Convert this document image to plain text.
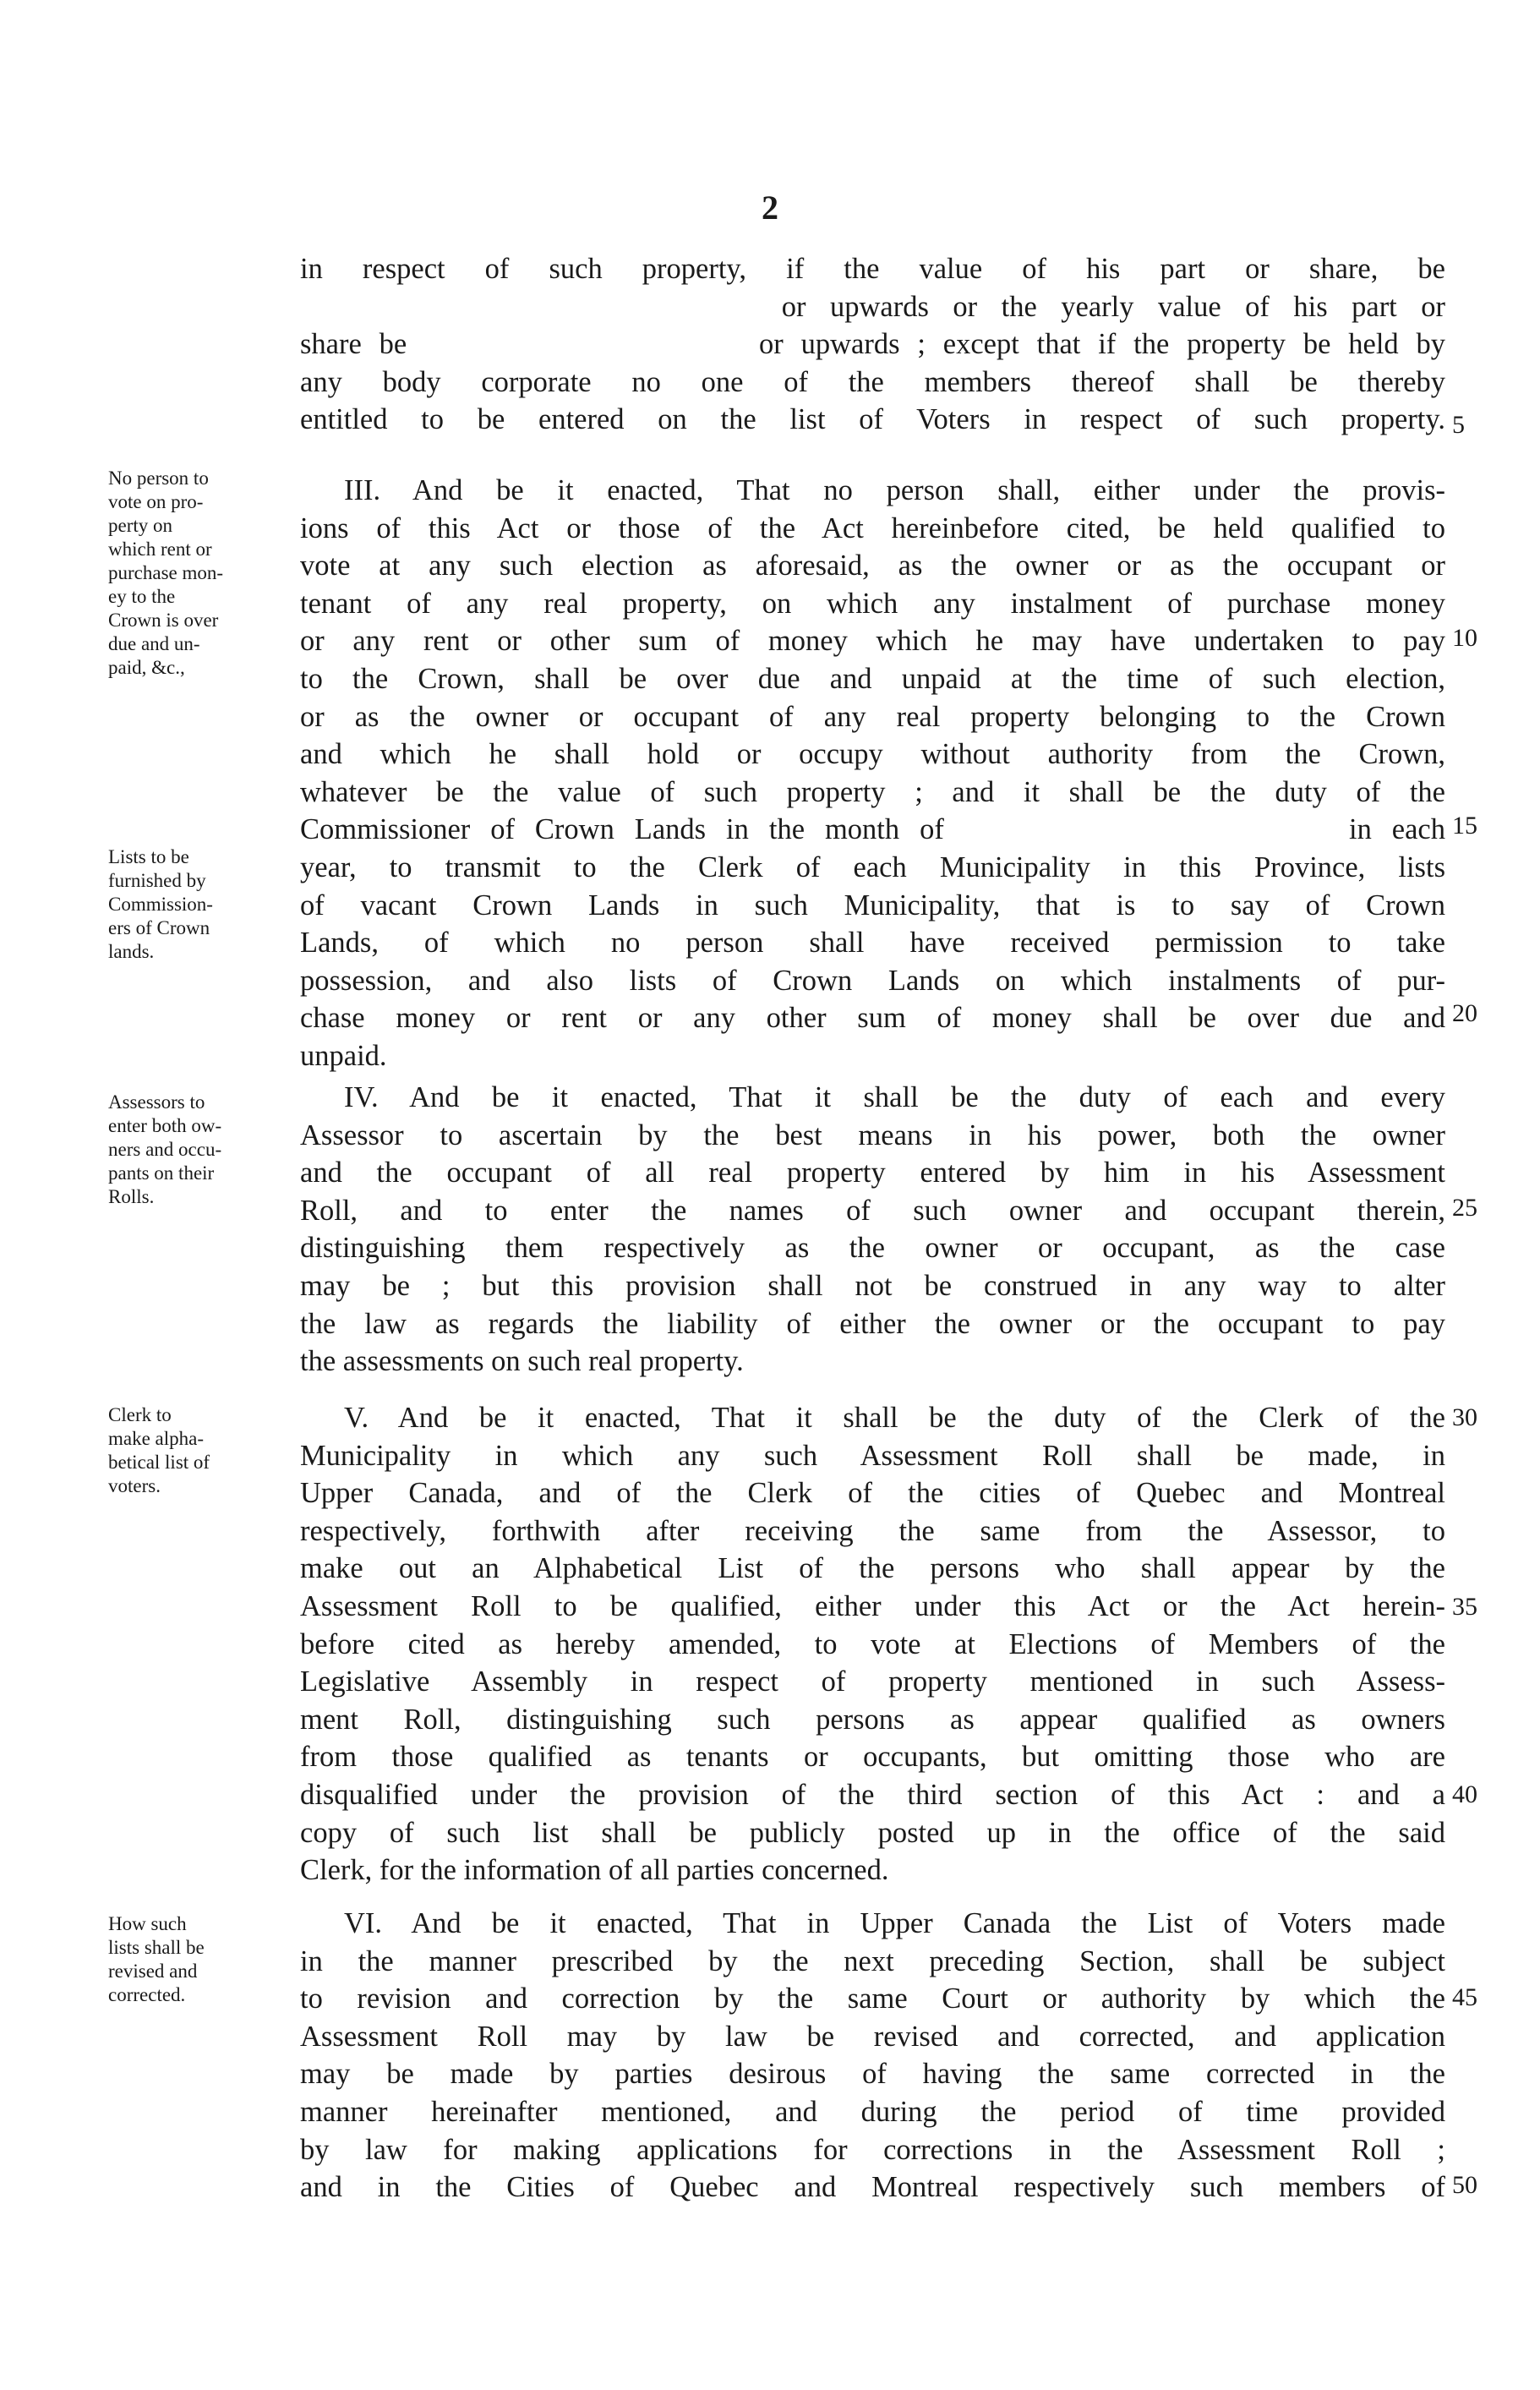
2
in respect of such property, if the value of his part or share, be
or upwards or the yearly value of his part or
share be                    or upwards ; except that if the property be held by
any body corporate no one of the members thereof shall be thereby
entitled to be entered on the list of Voters in respect of such property. 5
No person to
vote on pro-
perty on
which rent or
purchase mon-
ey to the
Crown is over
due and un-
paid, &c.,
Lists to be
furnished by
Commission-
ers of Crown
lands.
III. And be it enacted, That no person shall, either under the provis-
ions of this Act or those of the Act hereinbefore cited, be held qualified to
vote at any such election as aforesaid, as the owner or as the occupant or
tenant of any real property, on which any instalment of purchase money
or any rent or other sum of money which he may have undertaken to pay
to the Crown, shall be over due and unpaid at the time of such election,
or as the owner or occupant of any real property belonging to the Crown
and which he shall hold or occupy without authority from the Crown,
whatever be the value of such property ; and it shall be the duty of the
Commissioner of Crown Lands in the month of                    in each
year, to transmit to the Clerk of each Municipality in this Province, lists
of vacant Crown Lands in such Municipality, that is to say of Crown
Lands, of which no person shall have received permission to take
possession, and also lists of Crown Lands on which instalments of pur-
chase money or rent or any other sum of money shall be over due and
unpaid.
10
15
20
Assessors to
enter both ow-
ners and occu-
pants on their
Rolls.
IV. And be it enacted, That it shall be the duty of each and every
Assessor to ascertain by the best means in his power, both the owner
and the occupant of all real property entered by him in his Assessment
Roll, and to enter the names of such owner and occupant therein,
distinguishing them respectively as the owner or occupant, as the case
may be ; but this provision shall not be construed in any way to alter
the law as regards the liability of either the owner or the occupant to pay
the assessments on such real property.
25
Clerk to
make alpha-
betical list of
voters.
V. And be it enacted, That it shall be the duty of the Clerk of the
Municipality in which any such Assessment Roll shall be made, in
Upper Canada, and of the Clerk of the cities of Quebec and Montreal
respectively, forthwith after receiving the same from the Assessor, to
make out an Alphabetical List of the persons who shall appear by the
Assessment Roll to be qualified, either under this Act or the Act herein-
before cited as hereby amended, to vote at Elections of Members of the
Legislative Assembly in respect of property mentioned in such Assess-
ment Roll, distinguishing such persons as appear qualified as owners
from those qualified as tenants or occupants, but omitting those who are
disqualified under the provision of the third section of this Act : and a
copy of such list shall be publicly posted up in the office of the said
Clerk, for the information of all parties concerned.
30
35
40
How such
lists shall be
revised and
corrected.
VI. And be it enacted, That in Upper Canada the List of Voters made
in the manner prescribed by the next preceding Section, shall be subject
to revision and correction by the same Court or authority by which the
Assessment Roll may by law be revised and corrected, and application
may be made by parties desirous of having the same corrected in the
manner hereinafter mentioned, and during the period of time provided
by law for making applications for corrections in the Assessment Roll ;
and in the Cities of Quebec and Montreal respectively such members of
45
50
